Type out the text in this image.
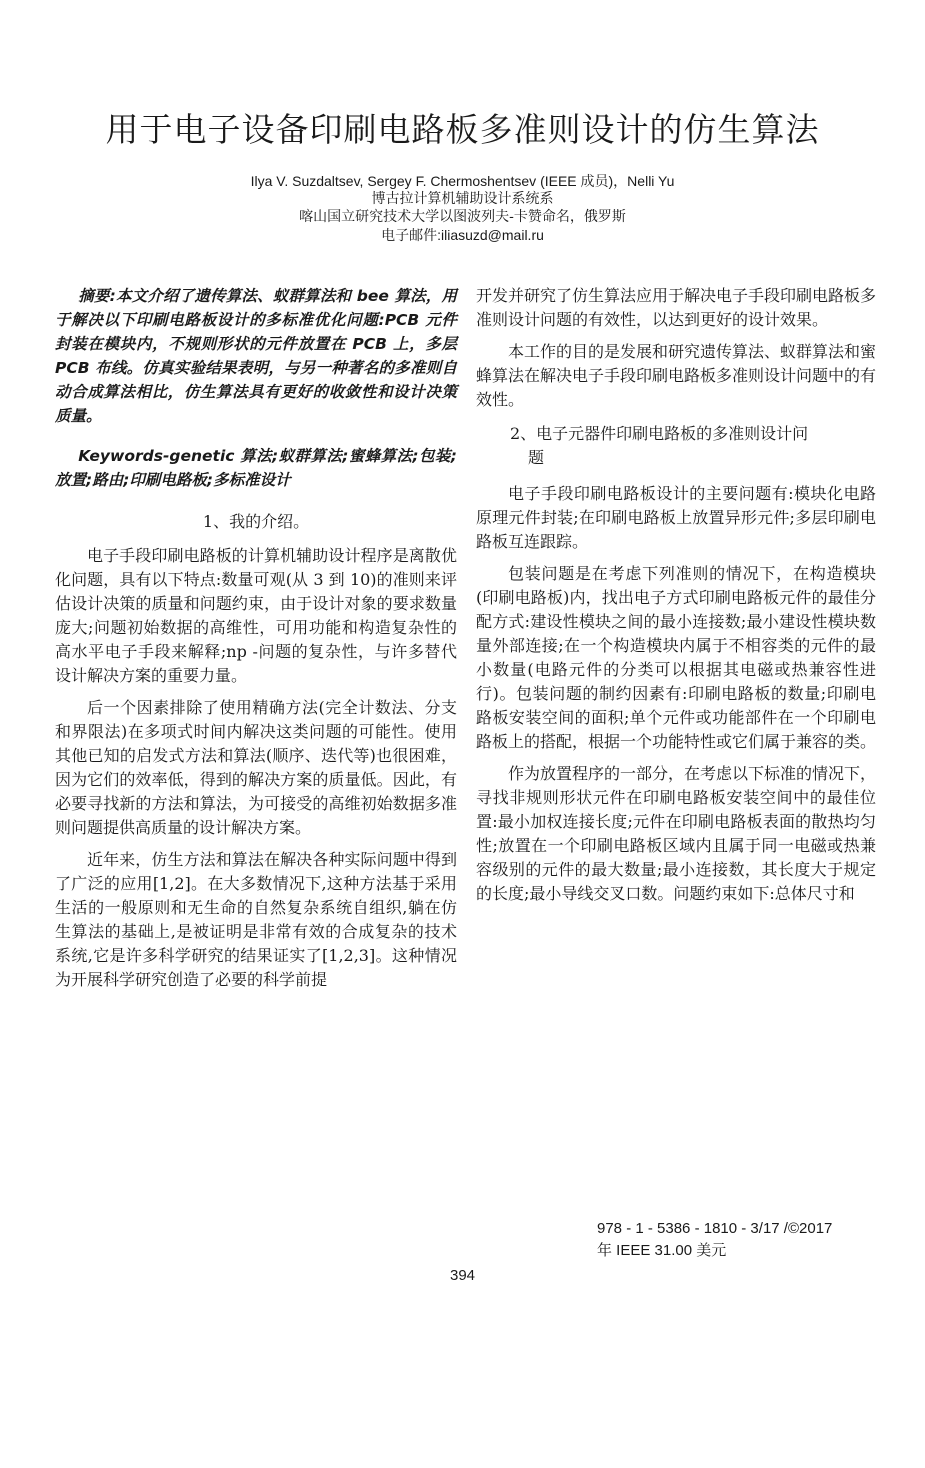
用于电子设备印刷电路板多准则设计的仿生算法
Ilya V. Suzdaltsev, Sergey F. Chermoshentsev (IEEE 成员)，Nelli Yu
博古拉计算机辅助设计系统系
喀山国立研究技术大学以图波列夫-卡赞命名，俄罗斯
电子邮件:iliasuzd@mail.ru

摘要:本文介绍了遗传算法、蚁群算法和 bee 算法，用于解决以下印刷电路板设计的多标准优化问题:PCB 元件封装在模块内，不规则形状的元件放置在 PCB 上，多层 PCB 布线。仿真实验结果表明，与另一种著名的多准则自动合成算法相比，仿生算法具有更好的收敛性和设计决策质量。

Keywords-genetic 算法;蚁群算法;蜜蜂算法;包装;放置;路由;印刷电路板;多标准设计

1、我的介绍。

电子手段印刷电路板的计算机辅助设计程序是离散优化问题，具有以下特点:数量可观(从 3 到 10)的准则来评估设计决策的质量和问题约束，由于设计对象的要求数量庞大;问题初始数据的高维性，可用功能和构造复杂性的高水平电子手段来解释;np -问题的复杂性，与许多替代设计解决方案的重要力量。

后一个因素排除了使用精确方法(完全计数法、分支和界限法)在多项式时间内解决这类问题的可能性。使用其他已知的启发式方法和算法(顺序、迭代等)也很困难，因为它们的效率低，得到的解决方案的质量低。因此，有必要寻找新的方法和算法，为可接受的高维初始数据多准则问题提供高质量的设计解决方案。

近年来，仿生方法和算法在解决各种实际问题中得到了广泛的应用[1,2]。在大多数情况下,这种方法基于采用生活的一般原则和无生命的自然复杂系统自组织,躺在仿生算法的基础上,是被证明是非常有效的合成复杂的技术系统,它是许多科学研究的结果证实了[1,2,3]。这种情况为开展科学研究创造了必要的科学前提

开发并研究了仿生算法应用于解决电子手段印刷电路板多准则设计问题的有效性，以达到更好的设计效果。

本工作的目的是发展和研究遗传算法、蚁群算法和蜜蜂算法在解决电子手段印刷电路板多准则设计问题中的有效性。

2、电子元器件印刷电路板的多准则设计问
题

电子手段印刷电路板设计的主要问题有:模块化电路原理元件封装;在印刷电路板上放置异形元件;多层印刷电路板互连跟踪。

包装问题是在考虑下列准则的情况下，在构造模块(印刷电路板)内，找出电子方式印刷电路板元件的最佳分配方式:建设性模块之间的最小连接数;最小建设性模块数量外部连接;在一个构造模块内属于不相容类的元件的最小数量(电路元件的分类可以根据其电磁或热兼容性进行)。包装问题的制约因素有:印刷电路板的数量;印刷电路板安装空间的面积;单个元件或功能部件在一个印刷电路板上的搭配，根据一个功能特性或它们属于兼容的类。

作为放置程序的一部分，在考虑以下标准的情况下，寻找非规则形状元件在印刷电路板安装空间中的最佳位置:最小加权连接长度;元件在印刷电路板表面的散热均匀性;放置在一个印刷电路板区域内且属于同一电磁或热兼容级别的元件的最大数量;最小连接数，其长度大于规定的长度;最小导线交叉口数。问题约束如下:总体尺寸和

978 - 1 - 5386 - 1810 - 3/17 /©2017
年 IEEE 31.00 美元
394
